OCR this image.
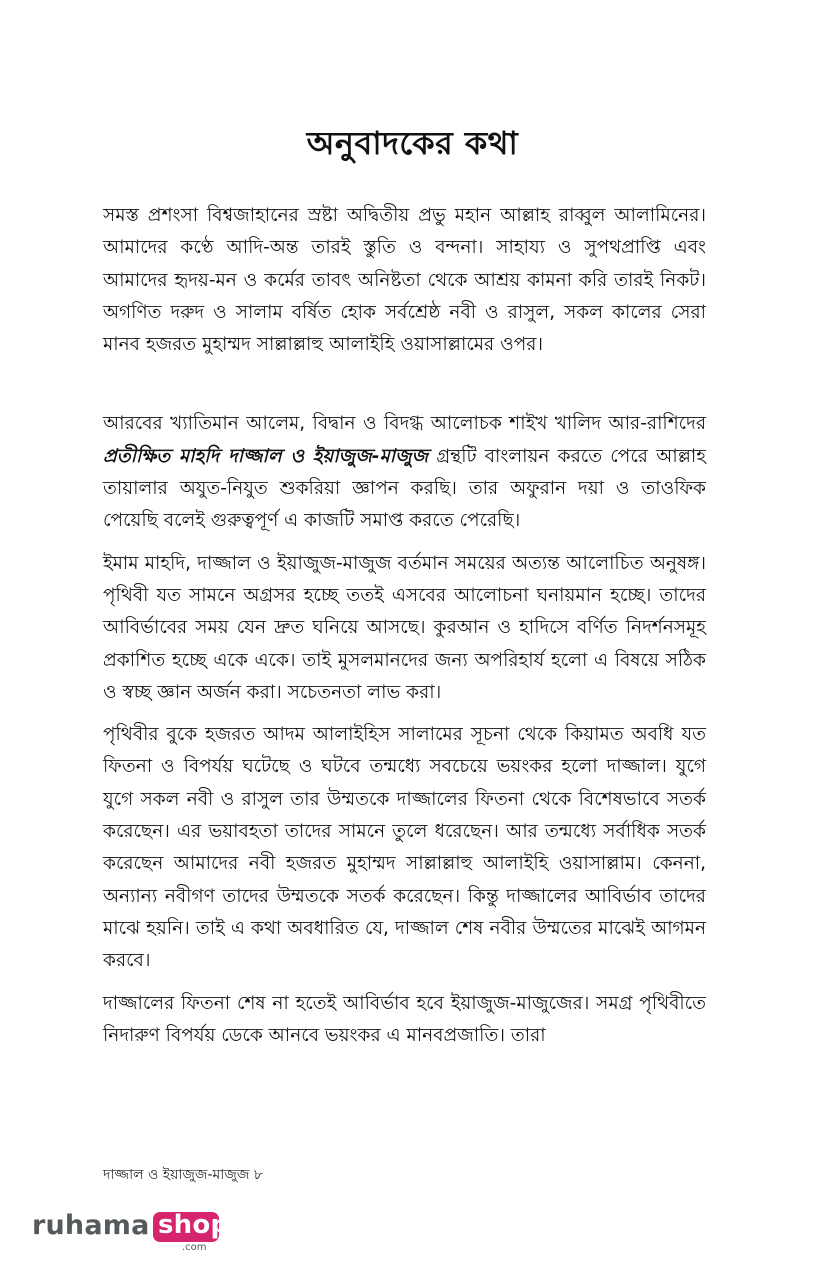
অনুবাদকের কথা

সমস্ত প্রশংসা বিশ্বজাহানের স্রষ্টা অদ্বিতীয় প্রভু মহান আল্লাহ রাব্বুল আলামিনের। আমাদের কণ্ঠে আদি-অন্ত তারই স্তুতি ও বন্দনা। সাহায্য ও সুপথপ্রাপ্তি এবং আমাদের হৃদয়-মন ও কর্মের তাবৎ অনিষ্টতা থেকে আশ্রয় কামনা করি তারই নিকট। অগণিত দরুদ ও সালাম বর্ষিত হোক সর্বশ্রেষ্ঠ নবী ও রাসুল, সকল কালের সেরা মানব হজরত মুহাম্মদ সাল্লাল্লাহু আলাইহি ওয়াসাল্লামের ওপর।

আরবের খ্যাতিমান আলেম, বিদ্বান ও বিদগ্ধ আলোচক শাইখ খালিদ আর-রাশিদের প্রতীক্ষিত মাহদি দাজ্জাল ও ইয়াজুজ-মাজুজ গ্রন্থটি বাংলায়ন করতে পেরে আল্লাহ তায়ালার অযুত-নিযুত শুকরিয়া জ্ঞাপন করছি। তার অফুরান দয়া ও তাওফিক পেয়েছি বলেই গুরুত্বপূর্ণ এ কাজটি সমাপ্ত করতে পেরেছি।

ইমাম মাহদি, দাজ্জাল ও ইয়াজুজ-মাজুজ বর্তমান সময়ের অত্যন্ত আলোচিত অনুষঙ্গ। পৃথিবী যত সামনে অগ্রসর হচ্ছে ততই এসবের আলোচনা ঘনায়মান হচ্ছে। তাদের আবির্ভাবের সময় যেন দ্রুত ঘনিয়ে আসছে। কুরআন ও হাদিসে বর্ণিত নিদর্শনসমূহ প্রকাশিত হচ্ছে একে একে। তাই মুসলমানদের জন্য অপরিহার্য হলো এ বিষয়ে সঠিক ও স্বচ্ছ জ্ঞান অর্জন করা। সচেতনতা লাভ করা।

পৃথিবীর বুকে হজরত আদম আলাইহিস সালামের সূচনা থেকে কিয়ামত অবধি যত ফিতনা ও বিপর্যয় ঘটেছে ও ঘটবে তন্মধ্যে সবচেয়ে ভয়ংকর হলো দাজ্জাল। যুগে যুগে সকল নবী ও রাসুল তার উম্মতকে দাজ্জালের ফিতনা থেকে বিশেষভাবে সতর্ক করেছেন। এর ভয়াবহতা তাদের সামনে তুলে ধরেছেন। আর তন্মধ্যে সর্বাধিক সতর্ক করেছেন আমাদের নবী হজরত মুহাম্মদ সাল্লাল্লাহু আলাইহি ওয়াসাল্লাম। কেননা, অন্যান্য নবীগণ তাদের উম্মতকে সতর্ক করেছেন। কিন্তু দাজ্জালের আবির্ভাব তাদের মাঝে হয়নি। তাই এ কথা অবধারিত যে, দাজ্জাল শেষ নবীর উম্মতের মাঝেই আগমন করবে।

দাজ্জালের ফিতনা শেষ না হতেই আবির্ভাব হবে ইয়াজুজ-মাজুজের। সমগ্র পৃথিবীতে নিদারুণ বিপর্যয় ডেকে আনবে ভয়ংকর এ মানবপ্রজাতি। তারা

দাজ্জাল ও ইয়াজুজ-মাজুজ ৮
ruhama shop
.com
